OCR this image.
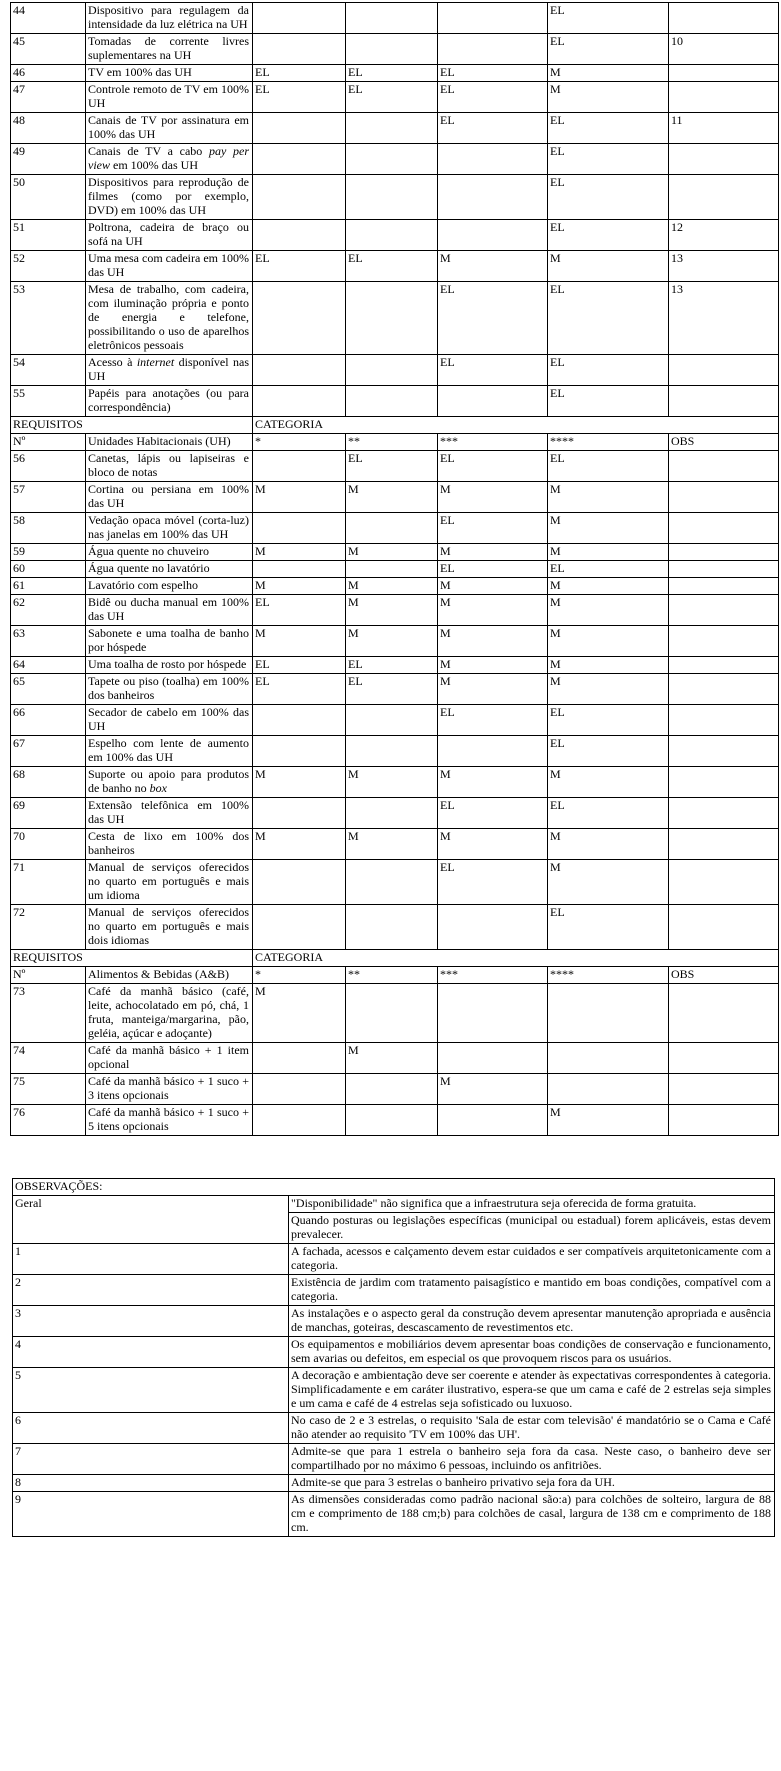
44	Dispositivo para regulagem da intensidade da luz elétrica na UH				EL	
45	Tomadas de corrente livres suplementares na UH				EL	10
46	TV em 100% das UH	EL	EL	EL	M	
47	Controle remoto de TV em 100% UH	EL	EL	EL	M	
48	Canais de TV por assinatura em 100% das UH			EL	EL	11
49	Canais de TV a cabo pay per view em 100% das UH				EL	
50	Dispositivos para reprodução de filmes (como por exemplo, DVD) em 100% das UH				EL	
51	Poltrona, cadeira de braço ou sofá na UH				EL	12
52	Uma mesa com cadeira em 100% das UH	EL	EL	M	M	13
53	Mesa de trabalho, com cadeira, com iluminação própria e ponto de energia e telefone, possibilitando o uso de aparelhos eletrônicos pessoais			EL	EL	13
54	Acesso à internet disponível nas UH			EL	EL	
55	Papéis para anotações (ou para correspondência)				EL	
REQUISITOS		CATEGORIA				
Nº	Unidades Habitacionais (UH)	*	**	***	****	OBS
56	Canetas, lápis ou lapiseiras e bloco de notas		EL	EL	EL	
57	Cortina ou persiana em 100% das UH	M	M	M	M	
58	Vedação opaca móvel (corta-luz) nas janelas em 100% das UH			EL	M	
59	Água quente no chuveiro	M	M	M	M	
60	Água quente no lavatório			EL	EL	
61	Lavatório com espelho	M	M	M	M	
62	Bidê ou ducha manual em 100% das UH	EL	M	M	M	
63	Sabonete e uma toalha de banho por hóspede	M	M	M	M	
64	Uma toalha de rosto por hóspede	EL	EL	M	M	
65	Tapete ou piso (toalha) em 100% dos banheiros	EL	EL	M	M	
66	Secador de cabelo em 100% das UH			EL	EL	
67	Espelho com lente de aumento em 100% das UH				EL	
68	Suporte ou apoio para produtos de banho no box	M	M	M	M	
69	Extensão telefônica em 100% das UH			EL	EL	
70	Cesta de lixo em 100% dos banheiros	M	M	M	M	
71	Manual de serviços oferecidos no quarto em português e mais um idioma			EL	M	
72	Manual de serviços oferecidos no quarto em português e mais dois idiomas				EL	
REQUISITOS		CATEGORIA				
Nº	Alimentos & Bebidas (A&B)	*	**	***	****	OBS
73	Café da manhã básico (café, leite, achocolatado em pó, chá, 1 fruta, manteiga/margarina, pão, geléia, açúcar e adoçante)	M				
74	Café da manhã básico + 1 item opcional		M			
75	Café da manhã básico + 1 suco + 3 itens opcionais			M		
76	Café da manhã básico + 1 suco + 5 itens opcionais				M	
OBSERVAÇÕES:	
Geral	"Disponibilidade" não significa que a infraestrutura seja oferecida de forma gratuita.
	Quando posturas ou legislações específicas (municipal ou estadual) forem aplicáveis, estas devem prevalecer.
1	A fachada, acessos e calçamento devem estar cuidados e ser compatíveis arquitetonicamente com a categoria.
2	Existência de jardim com tratamento paisagístico e mantido em boas condições, compatível com a categoria.
3	As instalações e o aspecto geral da construção devem apresentar manutenção apropriada e ausência de manchas, goteiras, descascamento de revestimentos etc.
4	Os equipamentos e mobiliários devem apresentar boas condições de conservação e funcionamento, sem avarias ou defeitos, em especial os que provoquem riscos para os usuários.
5	A decoração e ambientação deve ser coerente e atender às expectativas correspondentes à categoria. Simplificadamente e em caráter ilustrativo, espera-se que um cama e café de 2 estrelas seja simples e um cama e café de 4 estrelas seja sofisticado ou luxuoso.
6	No caso de 2 e 3 estrelas, o requisito 'Sala de estar com televisão' é mandatório se o Cama e Café não atender ao requisito 'TV em 100% das UH'.
7	Admite-se que para 1 estrela o banheiro seja fora da casa. Neste caso, o banheiro deve ser compartilhado por no máximo 6 pessoas, incluindo os anfitriões.
8	Admite-se que para 3 estrelas o banheiro privativo seja fora da UH.
9	As dimensões consideradas como padrão nacional são:a) para colchões de solteiro, largura de 88 cm e comprimento de 188 cm;b) para colchões de casal, largura de 138 cm e comprimento de 188 cm.
